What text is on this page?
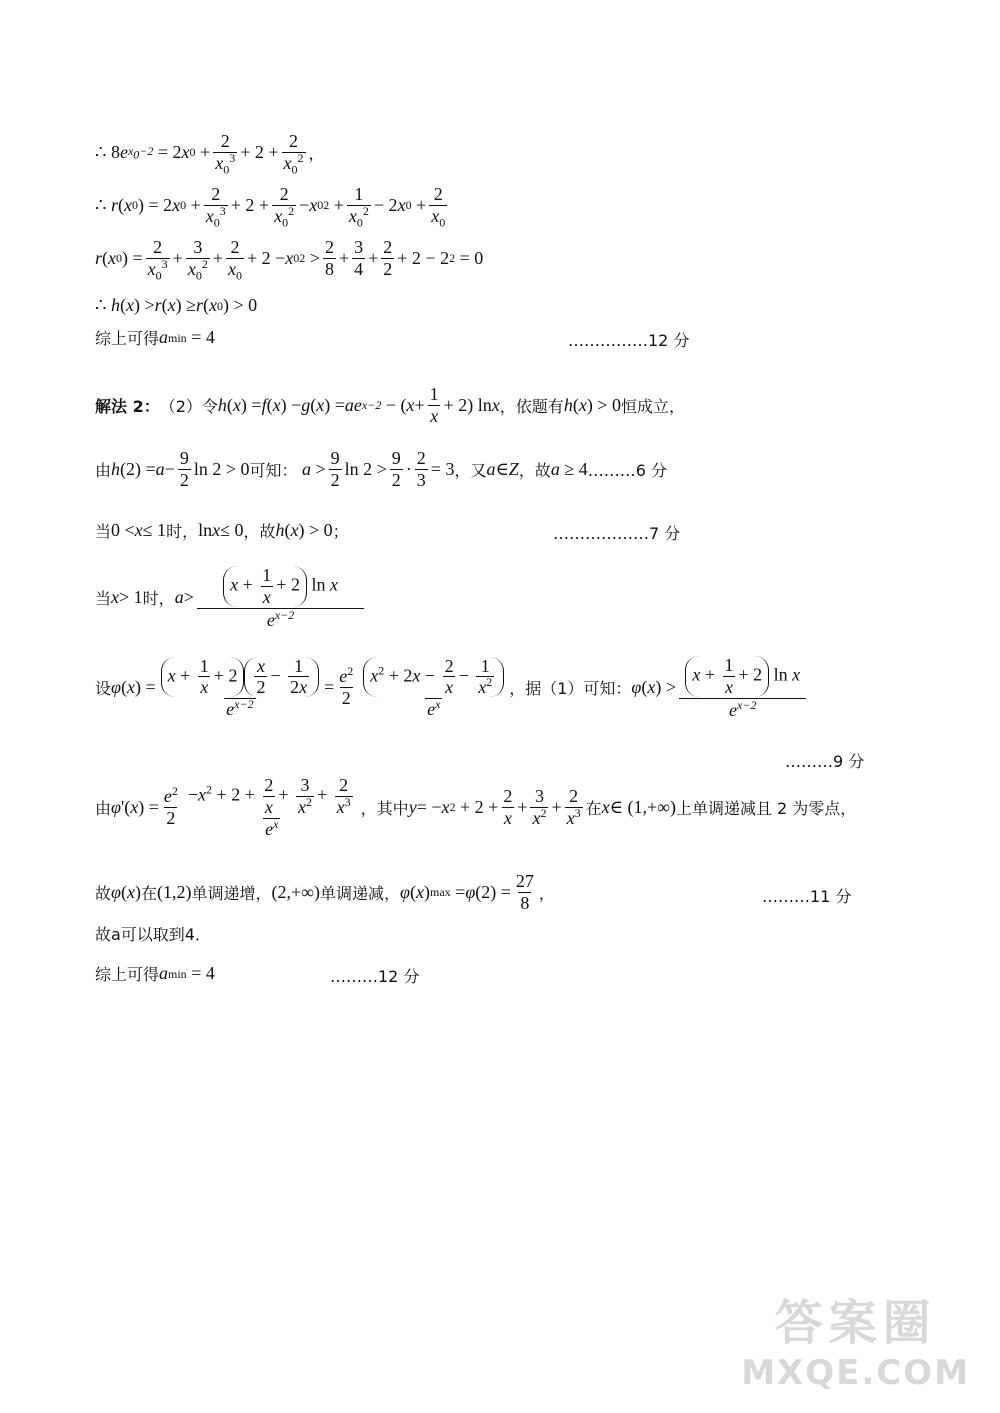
∴
8 e $x_0-2 = 2$ x $0 + \frac{2}{x_0^3} + 2 + \frac{2}{x_0^2}$ ，
∴
r ( x 0 ) = 2 x $0 + \frac{2}{x_0^3} + 2 + \frac{2}{x_0^2} - x$ 0 $2 + \frac{1}{x_0^2} - 2$ x $0 + \frac{2}{x_0}$
r ( x 0 ) = $\frac{2}{x_0^3} + \frac{3}{x_0^2} + \frac{2}{x_0} + 2 - x$ 0 $2 > \frac{2}{8} + \frac{3}{4} + \frac{2}{2} + 2 - 2$ 2 = 0
∴
h ( x ) > r ( x ) ≥ r ( x 0 ) > 0
综上可得 a min
= 4	……………12 分
解法 2： （2）令 h ( x ) = f ( x ) − g ( x ) = ae x−2 − ( $x + \frac{1}{x} + 2$) ln x ，依题有 h ( x ) > 0 恒成立，
由 h $(2) = a - \frac{9}{2}$ ln 2 > 0 可知：
$a > \frac{9}{2}$ $\ln 2 > \frac{9}{2} \cdot \frac{2}{3} = 3$ ，又 a ∈ Z ，故 a ≥ 4 ………6 分
当 0 < x ≤ 1 时， ln x ≤ 0 ，故 h ( x ) > 0 ；	………………7 分
当 x > 1 时， $a > \frac{x + \frac{1}{x} + 2 \ln x}{e^{x-2}}$
设 φ ( x ) = $\frac{x + \frac{1}{x} + 2 \frac{x}{2} - \frac{1}{2x}}{e^{x-2}} = \frac{e^2}{2} \frac{x^2 + 2x - \frac{2}{x} - \frac{1}{x^2}}{e^x}$ ，据（1）可知： φ ( x ) > $\frac{x + \frac{1}{x} + 2 \ln x}{e^{x-2}}$
………9 分
由 φ '( x ) = $\frac{e^2}{2} \frac{-x^2 + 2 + \frac{2}{x} + \frac{3}{x^2} + \frac{2}{x^3}}{e^x}$ ，其中 y = − x $2 + 2 + \frac{2}{x} + \frac{3}{x^2} + \frac{2}{x^3}$ 在 x ∈ (1,+∞) 上单调递减且 2 为零点，
故 φ ( x ) 在 (1,2) 单调递增， (2,+∞) 单调递减， φ ( x ) max = φ $(2) = \frac{27}{8}$ ，	………11 分
故a可以取到4．
综上可得 a min
= 4	………12 分
答案圈
MXQE.COM
